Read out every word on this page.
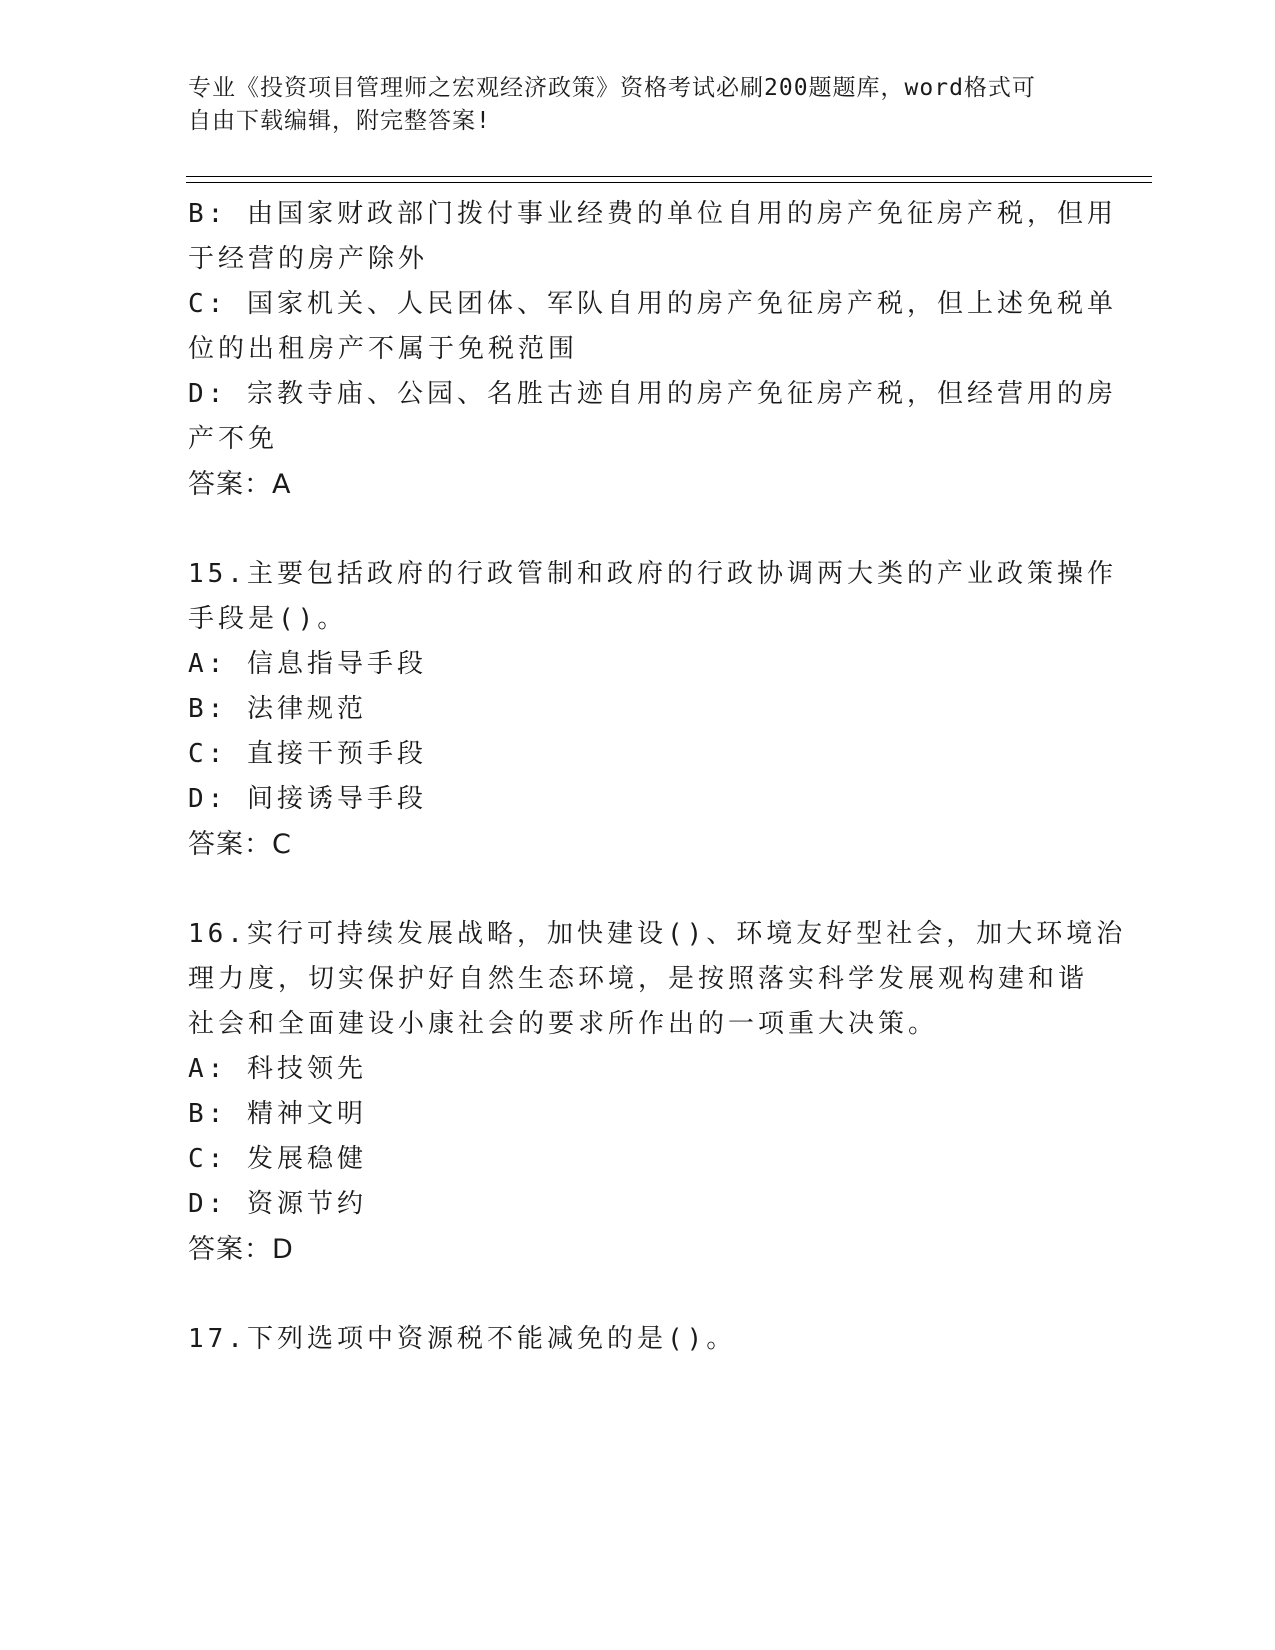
专业《投资项目管理师之宏观经济政策》资格考试必刷200题题库，word格式可
自由下载编辑，附完整答案!
B: 由国家财政部门拨付事业经费的单位自用的房产免征房产税，但用
于经营的房产除外
C: 国家机关、人民团体、军队自用的房产免征房产税，但上述免税单
位的出租房产不属于免税范围
D: 宗教寺庙、公园、名胜古迹自用的房产免征房产税，但经营用的房
产不免
答案：A
15.主要包括政府的行政管制和政府的行政协调两大类的产业政策操作
手段是()。
A: 信息指导手段
B: 法律规范
C: 直接干预手段
D: 间接诱导手段
答案：C
16.实行可持续发展战略，加快建设()、环境友好型社会，加大环境治
理力度，切实保护好自然生态环境，是按照落实科学发展观构建和谐
社会和全面建设小康社会的要求所作出的一项重大决策。
A: 科技领先
B: 精神文明
C: 发展稳健
D: 资源节约
答案：D
17.下列选项中资源税不能减免的是()。
